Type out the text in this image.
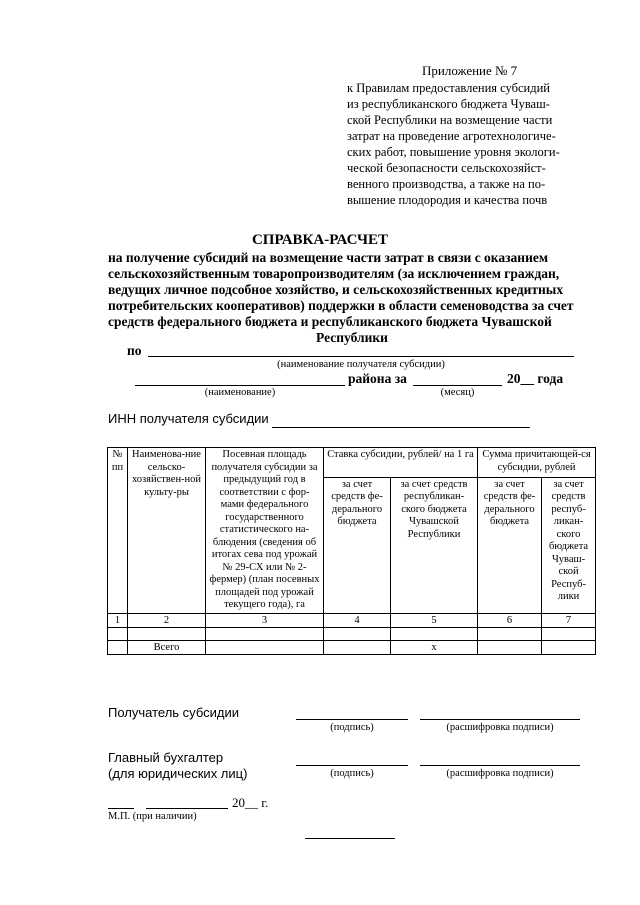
Приложение № 7
к Правилам предоставления субсидий
из республиканского бюджета Чуваш-
ской Республики на возмещение части
затрат на проведение агротехнологиче-
ских работ, повышение уровня экологи-
ческой безопасности сельскохозяйст-
венного производства, а также на по-
вышение плодородия и качества почв
СПРАВКА-РАСЧЕТ
на получение субсидий на возмещение части затрат в связи с оказанием
сельскохозяйственным товаропроизводителям (за исключением граждан,
ведущих личное подсобное хозяйство, и сельскохозяйственных кредитных
потребительских кооперативов) поддержки в области семеноводства за счет
средств федерального бюджета и республиканского бюджета Чувашской
Республики
по
(наименование получателя субсидии)
района за	20__ года
(наименование)	(месяц)
ИНН получателя субсидии
№ пп	Наименова-ние сельско-хозяйствен-ной культу-ры	Посевная площадь получателя субсидии за предыдущий год в соответствии с фор-мами федерального государственного статистического на-блюдения (сведения об итогах сева под урожай № 29-СХ или № 2-фермер) (план посевных площадей под урожай текущего года), га	Ставка субсидии, рублей/ на 1 га		Сумма причитающей-ся субсидии, рублей	
			за счет средств фе-дерального бюджета	за счет средств республикан-ского бюджета Чувашской Республики	за счет средств фе-дерального бюджета	за счет средств респуб-ликан-ского бюджета Чуваш-ской Респуб-лики
1	2	3	4	5	6	7

	Всего			х		
Получатель субсидии
(подпись)	(расшифровка подписи)
Главный бухгалтер
(для юридических лиц)	(подпись)	(расшифровка подписи)
20__ г.
М.П. (при наличии)
